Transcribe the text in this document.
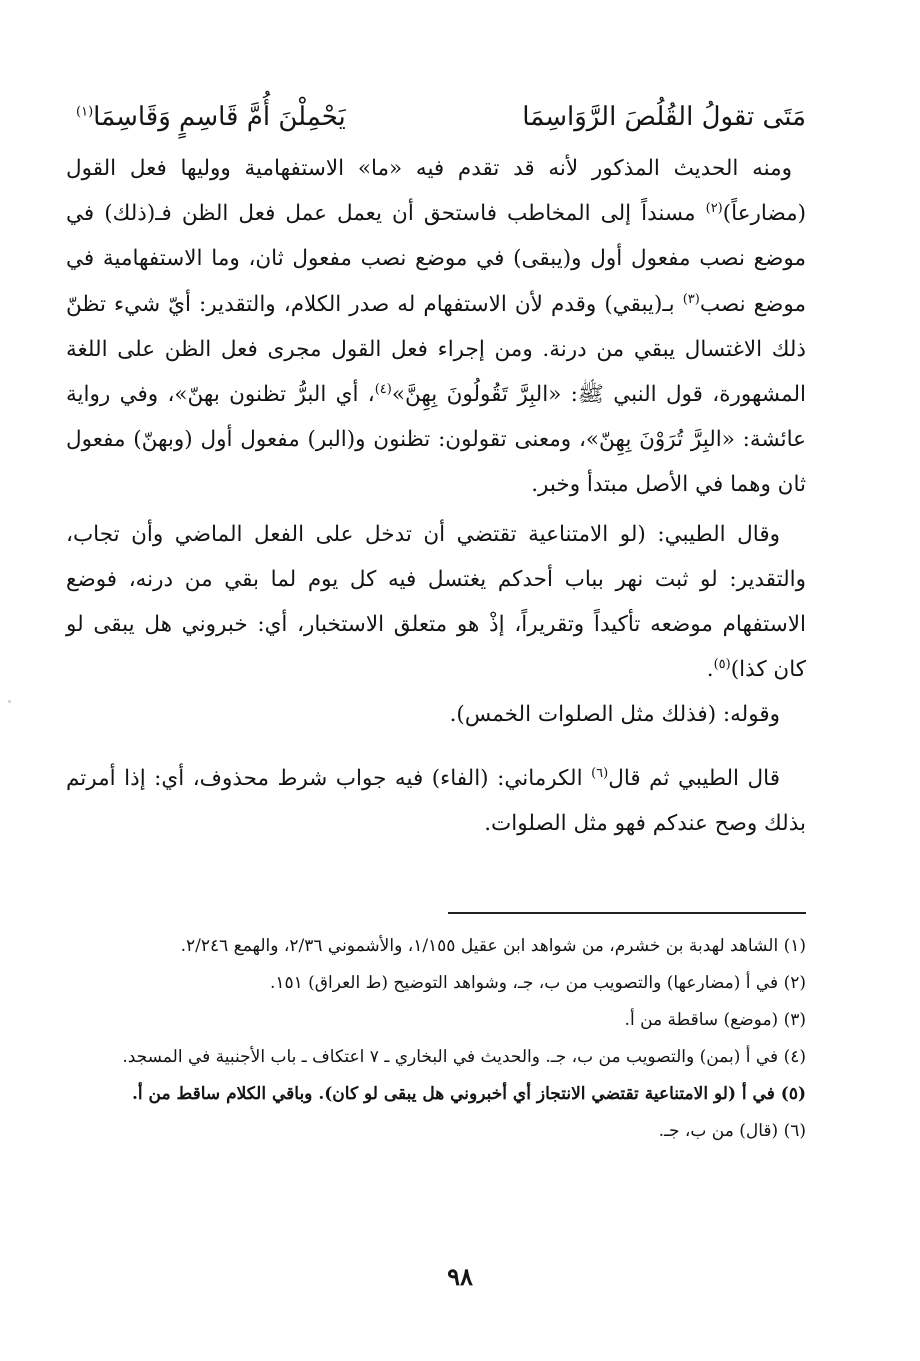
مَتَى تقولُ القُلُصَ الرَّوَاسِمَا
يَحْمِلْنَ أُمَّ قَاسِمٍ وَقَاسِمَا$^{(١)}$

ومنه الحديث المذكور لأنه قد تقدم فيه «ما» الاستفهامية ووليها فعل القول (مضارعاً)$^{(٢)}$ مسنداً إلى المخاطب فاستحق أن يعمل عمل فعل الظن فـ(ذلك) في موضع نصب مفعول أول و(يبقى) في موضع نصب مفعول ثان، وما الاستفهامية في موضع نصب$^{(٣)}$ بـ(يبقي) وقدم لأن الاستفهام له صدر الكلام، والتقدير: أيّ شيء تظنّ ذلك الاغتسال يبقي من درنة. ومن إجراء فعل القول مجرى فعل الظن على اللغة المشهورة، قول النبي ﷺ: «البِرَّ تَقُولُونَ بِهِنَّ»$^{(٤)}$، أي البرُّ تظنون بهنّ»، وفي رواية عائشة: «البِرَّ تُرَوْنَ بِهِنّ»، ومعنى تقولون: تظنون و(البر) مفعول أول (وبهنّ) مفعول ثان وهما في الأصل مبتدأ وخبر.

وقال الطيبي: (لو الامتناعية تقتضي أن تدخل على الفعل الماضي وأن تجاب، والتقدير: لو ثبت نهر بباب أحدكم يغتسل فيه كل يوم لما بقي من درنه، فوضع الاستفهام موضعه تأكيداً وتقريراً، إذْ هو متعلق الاستخبار، أي: خبروني هل يبقى لو كان كذا)$^{(٥)}$.

وقوله: (فذلك مثل الصلوات الخمس).

قال الطيبي ثم قال$^{(٦)}$ الكرماني: (الفاء) فيه جواب شرط محذوف، أي: إذا أمرتم بذلك وصح عندكم فهو مثل الصلوات.

(١) الشاهد لهدبة بن خشرم، من شواهد ابن عقيل ١/١٥٥، والأشموني ٢/٣٦، والهمع ٢/٢٤٦.

(٢) في أ (مضارعها) والتصويب من ب، جـ، وشواهد التوضيح (ط العراق) ١٥١.

(٣) (موضع) ساقطة من أ.

(٤) في أ (بمن) والتصويب من ب، جـ. والحديث في البخاري ـ ٧ اعتكاف ـ باب الأجنبية في المسجد.

(٥) في أ (لو الامتناعية تقتضي الانتجاز أي أخبروني هل يبقى لو كان). وباقي الكلام ساقط من أ.

(٦) (قال) من ب، جـ.

٩٨
